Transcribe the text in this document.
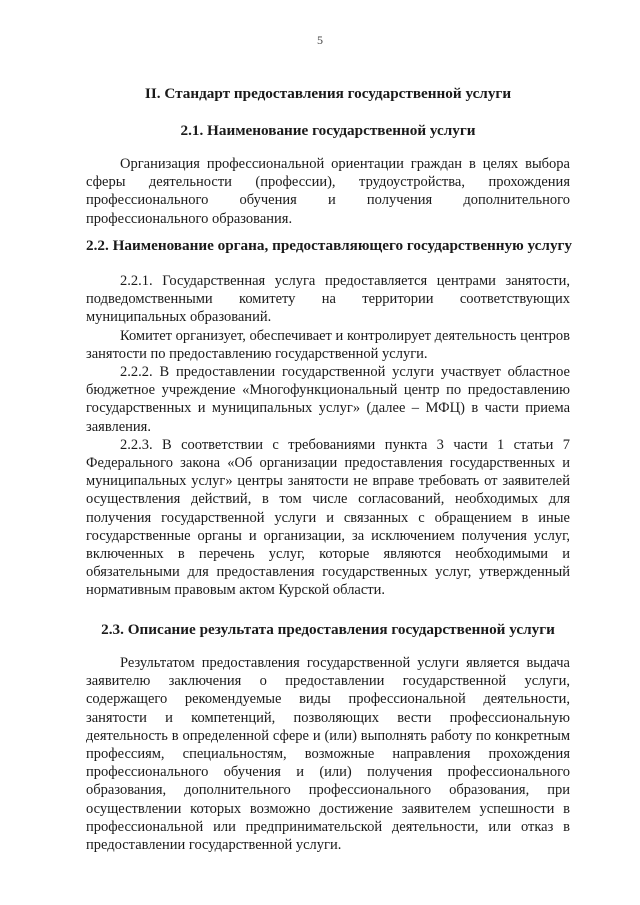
5
II. Стандарт предоставления государственной услуги
2.1. Наименование государственной услуги

Организация профессиональной ориентации граждан в целях выбора сферы деятельности (профессии), трудоустройства, прохождения профессионального обучения и получения дополнительного профессионального образования.

2.2. Наименование органа, предоставляющего государственную услугу

2.2.1. Государственная услуга предоставляется центрами занятости, подведомственными комитету на территории соответствующих муниципальных образований.

Комитет организует, обеспечивает и контролирует деятельность центров занятости по предоставлению государственной услуги.

2.2.2. В предоставлении государственной услуги участвует областное бюджетное учреждение «Многофункциональный центр по предоставлению государственных и муниципальных услуг» (далее – МФЦ) в части приема заявления.

2.2.3. В соответствии с требованиями пункта 3 части 1 статьи 7 Федерального закона «Об организации предоставления государственных и муниципальных услуг» центры занятости не вправе требовать от заявителей осуществления действий, в том числе согласований, необходимых для получения государственной услуги и связанных с обращением в иные государственные органы и организации, за исключением получения услуг, включенных в перечень услуг, которые являются необходимыми и обязательными для предоставления государственных услуг, утвержденный нормативным правовым актом Курской области.

2.3. Описание результата предоставления государственной услуги

Результатом предоставления государственной услуги является выдача заявителю заключения о предоставлении государственной услуги, содержащего рекомендуемые виды профессиональной деятельности, занятости и компетенций, позволяющих вести профессиональную деятельность в определенной сфере и (или) выполнять работу по конкретным профессиям, специальностям, возможные направления прохождения профессионального обучения и (или) получения профессионального образования, дополнительного профессионального образования, при осуществлении которых возможно достижение заявителем успешности в профессиональной или предпринимательской деятельности, или отказ в предоставлении государственной услуги.
